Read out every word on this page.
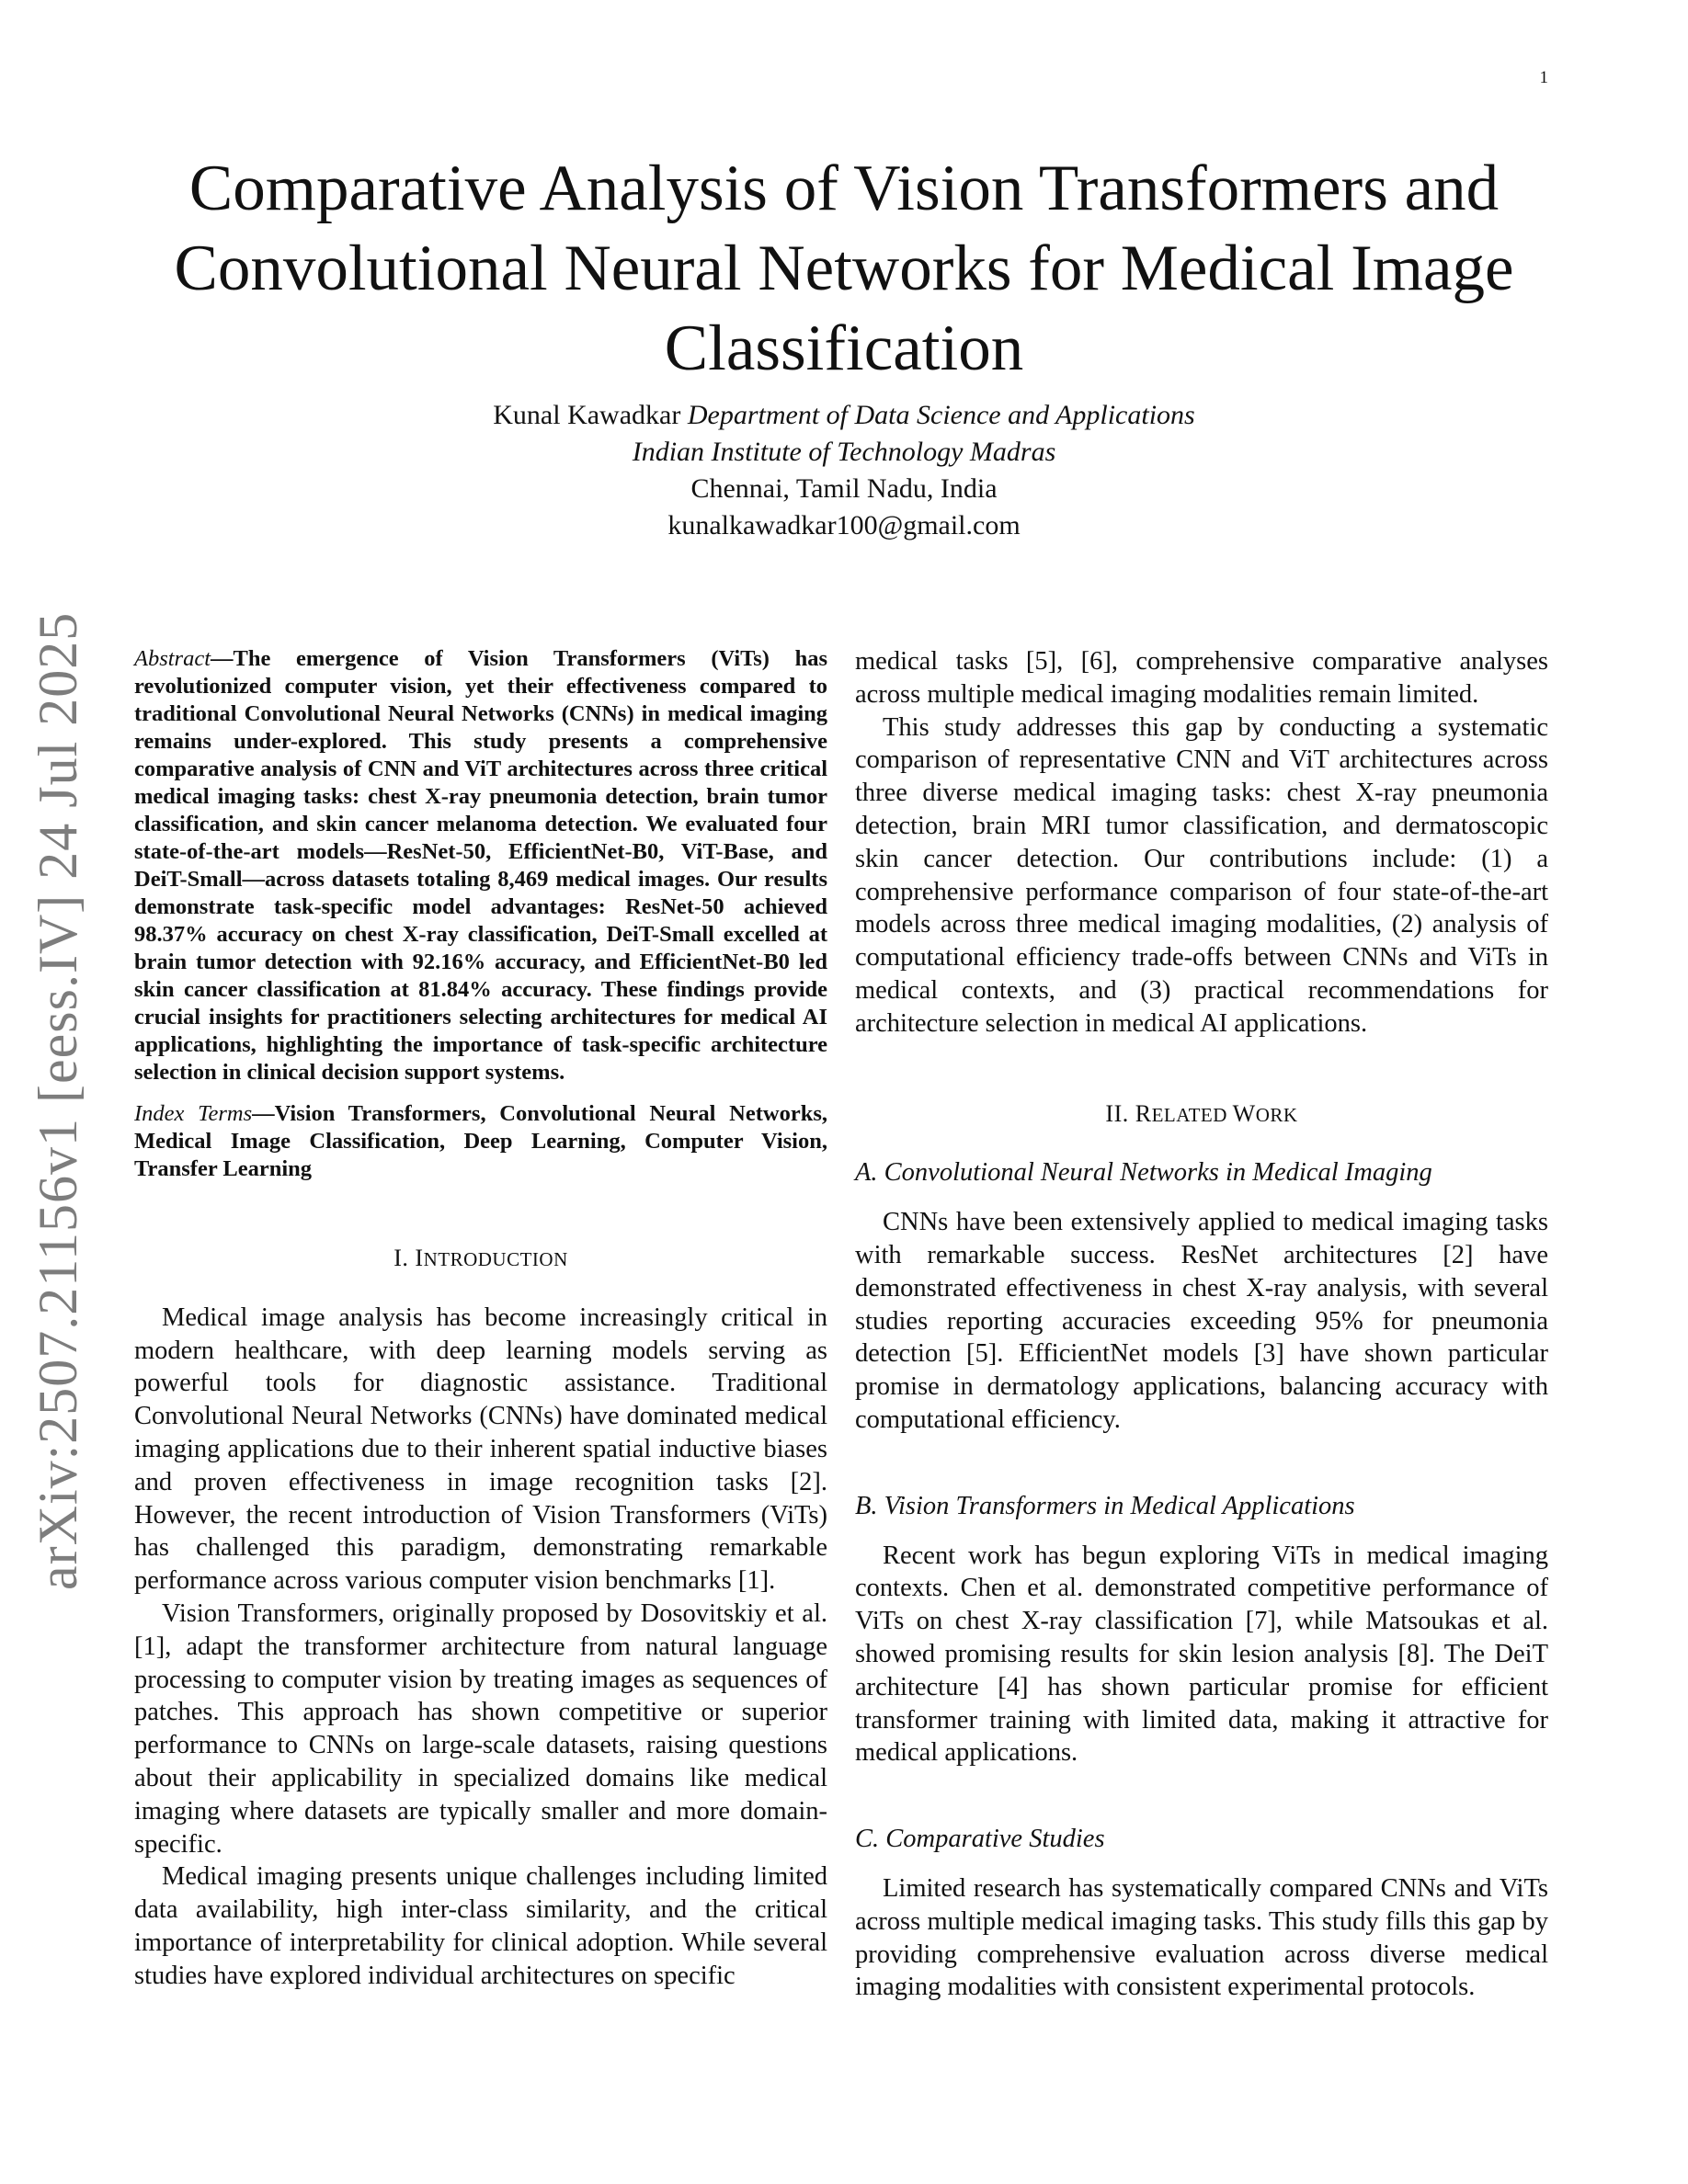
1
arXiv:2507.21156v1 [eess.IV] 24 Jul 2025
Comparative Analysis of Vision Transformers and
Convolutional Neural Networks for Medical Image
Classification
Kunal Kawadkar Department of Data Science and Applications
Indian Institute of Technology Madras
Chennai, Tamil Nadu, India
kunalkawadkar100@gmail.com

Abstract—The emergence of Vision Transformers (ViTs) has revolutionized computer vision, yet their effectiveness compared to traditional Convolutional Neural Networks (CNNs) in medical imaging remains under-explored. This study presents a comprehensive comparative analysis of CNN and ViT architectures across three critical medical imaging tasks: chest X-ray pneumonia detection, brain tumor classification, and skin cancer melanoma detection. We evaluated four state-of-the-art models—ResNet-50, EfficientNet-B0, ViT-Base, and DeiT-Small—across datasets totaling 8,469 medical images. Our results demonstrate task-specific model advantages: ResNet-50 achieved 98.37% accuracy on chest X-ray classification, DeiT-Small excelled at brain tumor detection with 92.16% accuracy, and EfficientNet-B0 led skin cancer classification at 81.84% accuracy. These findings provide crucial insights for practitioners selecting architectures for medical AI applications, highlighting the importance of task-specific architecture selection in clinical decision support systems.

Index Terms—Vision Transformers, Convolutional Neural Networks, Medical Image Classification, Deep Learning, Computer Vision, Transfer Learning

I. INTRODUCTION

Medical image analysis has become increasingly critical in modern healthcare, with deep learning models serving as powerful tools for diagnostic assistance. Traditional Convolutional Neural Networks (CNNs) have dominated medical imaging applications due to their inherent spatial inductive biases and proven effectiveness in image recognition tasks [2]. However, the recent introduction of Vision Transformers (ViTs) has challenged this paradigm, demonstrating remarkable performance across various computer vision benchmarks [1].

Vision Transformers, originally proposed by Dosovitskiy et al. [1], adapt the transformer architecture from natural language processing to computer vision by treating images as sequences of patches. This approach has shown competitive or superior performance to CNNs on large-scale datasets, raising questions about their applicability in specialized domains like medical imaging where datasets are typically smaller and more domain-specific.

Medical imaging presents unique challenges including limited data availability, high inter-class similarity, and the critical importance of interpretability for clinical adoption. While several studies have explored individual architectures on specific

medical tasks [5], [6], comprehensive comparative analyses across multiple medical imaging modalities remain limited.

This study addresses this gap by conducting a systematic comparison of representative CNN and ViT architectures across three diverse medical imaging tasks: chest X-ray pneumonia detection, brain MRI tumor classification, and dermatoscopic skin cancer detection. Our contributions include: (1) a comprehensive performance comparison of four state-of-the-art models across three medical imaging modalities, (2) analysis of computational efficiency trade-offs between CNNs and ViTs in medical contexts, and (3) practical recommendations for architecture selection in medical AI applications.

II. RELATED WORK
A. Convolutional Neural Networks in Medical Imaging

CNNs have been extensively applied to medical imaging tasks with remarkable success. ResNet architectures [2] have demonstrated effectiveness in chest X-ray analysis, with several studies reporting accuracies exceeding 95% for pneumonia detection [5]. EfficientNet models [3] have shown particular promise in dermatology applications, balancing accuracy with computational efficiency.

B. Vision Transformers in Medical Applications

Recent work has begun exploring ViTs in medical imaging contexts. Chen et al. demonstrated competitive performance of ViTs on chest X-ray classification [7], while Matsoukas et al. showed promising results for skin lesion analysis [8]. The DeiT architecture [4] has shown particular promise for efficient transformer training with limited data, making it attractive for medical applications.

C. Comparative Studies

Limited research has systematically compared CNNs and ViTs across multiple medical imaging tasks. This study fills this gap by providing comprehensive evaluation across diverse medical imaging modalities with consistent experimental protocols.
